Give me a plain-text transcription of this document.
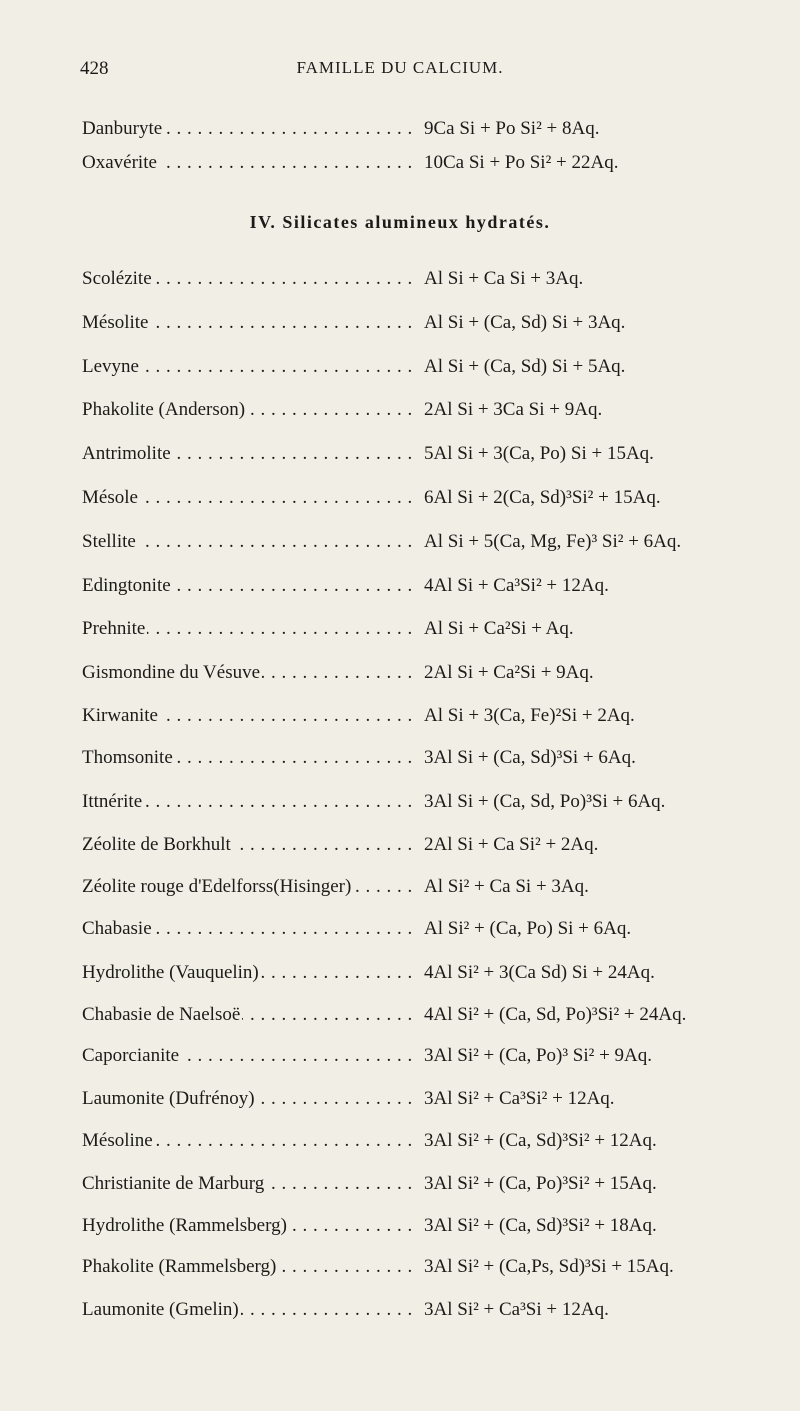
428	FAMILLE DU CALCIUM.
Danburyte . . .	9Ca Si + Po Si² + 8Aq.
Oxavérite . . .	10Ca Si + Po Si² + 22Aq.
IV. Silicates alumineux hydratés.
Scolézite . . .	Al Si + Ca Si + 3Aq.
Mésolite . . .	Al Si + (Ca, Sd) Si + 3Aq.
Levyne . . .	Al Si + (Ca, Sd) Si + 5Aq.
Phakolite (Anderson) . . .	2Al Si + 3Ca Si + 9Aq.
Antrimolite . . .	5Al Si + 3(Ca, Po) Si + 15Aq.
Mésole . . .	6Al Si + 2(Ca, Sd)³Si² + 15Aq.
Stellite . . .	Al Si + 5(Ca, Mg, Fe)³ Si² + 6Aq.
Edingtonite . . .	4Al Si + Ca³Si² + 12Aq.
Prehnite . . .	Al Si + Ca²Si + Aq.
Gismondine du Vésuve . . .	2Al Si + Ca²Si + 9Aq.
Kirwanite . . .	Al Si + 3(Ca, Fe)²Si + 2Aq.
Thomsonite . . .	3Al Si + (Ca, Sd)³Si + 6Aq.
Ittnérite . . .	3Al Si + (Ca, Sd, Po)³Si + 6Aq.
Zéolite de Borkhult . . .	2Al Si + Ca Si² + 2Aq.
Zéolite rouge d'Edelforss(Hisinger) . . .	Al Si² + Ca Si + 3Aq.
Chabasie . . .	Al Si² + (Ca, Po) Si + 6Aq.
Hydrolithe (Vauquelin) . . .	4Al Si² + 3(Ca Sd) Si + 24Aq.
Chabasie de Naelsoë . . .	4Al Si² + (Ca, Sd, Po)³Si² + 24Aq.
Caporcianite . . .	3Al Si² + (Ca, Po)³ Si² + 9Aq.
Laumonite (Dufrénoy) . . .	3Al Si² + Ca³Si² + 12Aq.
Mésoline . . .	3Al Si² + (Ca, Sd)³Si² + 12Aq.
Christianite de Marburg . . .	3Al Si² + (Ca, Po)³Si² + 15Aq.
Hydrolithe (Rammelsberg) . . .	3Al Si² + (Ca, Sd)³Si² + 18Aq.
Phakolite (Rammelsberg) . . .	3Al Si² + (Ca,Ps, Sd)³Si + 15Aq.
Laumonite (Gmelin) . . .	3Al Si² + Ca³Si + 12Aq.
